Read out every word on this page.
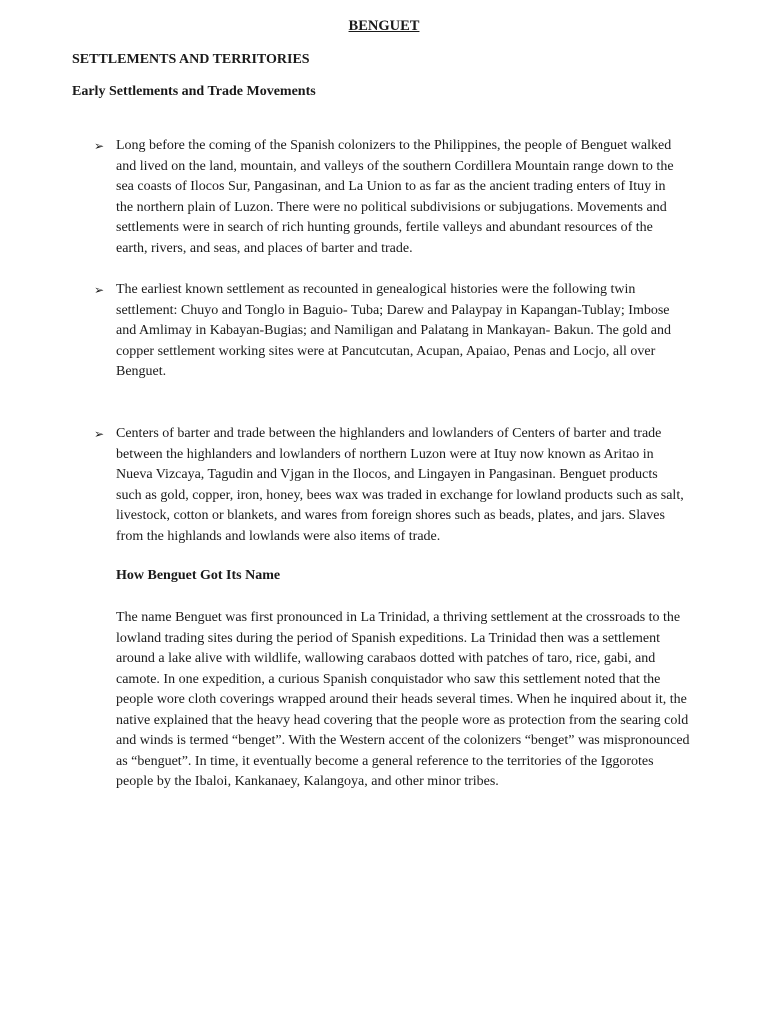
BENGUET
SETTLEMENTS AND TERRITORIES
Early Settlements and Trade Movements
➢ Long before the coming of the Spanish colonizers to the Philippines, the people of Benguet walked and lived on the land, mountain, and valleys of the southern Cordillera Mountain range down to the sea coasts of Ilocos Sur, Pangasinan, and La Union to as far as the ancient trading enters of Ituy in the northern plain of Luzon. There were no political subdivisions or subjugations. Movements and settlements were in search of rich hunting grounds, fertile valleys and abundant resources of the earth, rivers, and seas, and places of barter and trade.
➢ The earliest known settlement as recounted in genealogical histories were the following twin settlement: Chuyo and Tonglo in Baguio- Tuba; Darew and Palaypay in Kapangan-Tublay; Imbose and Amlimay in Kabayan-Bugias; and Namiligan and Palatang in Mankayan- Bakun. The gold and copper settlement working sites were at Pancutcutan, Acupan, Apaiao, Penas and Locjo, all over Benguet.
➢ Centers of barter and trade between the highlanders and lowlanders of Centers of barter and trade between the highlanders and lowlanders of northern Luzon were at Ituy now known as Aritao in Nueva Vizcaya, Tagudin and Vjgan in the Ilocos, and Lingayen in Pangasinan. Benguet products such as gold, copper, iron, honey, bees wax was traded in exchange for lowland products such as salt, livestock, cotton or blankets, and wares from foreign shores such as beads, plates, and jars. Slaves from the highlands and lowlands were also items of trade.
How Benguet Got Its Name
The name Benguet was first pronounced in La Trinidad, a thriving settlement at the crossroads to the lowland trading sites during the period of Spanish expeditions. La Trinidad then was a settlement around a lake alive with wildlife, wallowing carabaos dotted with patches of taro, rice, gabi, and camote. In one expedition, a curious Spanish conquistador who saw this settlement noted that the people wore cloth coverings wrapped around their heads several times. When he inquired about it, the native explained that the heavy head covering that the people wore as protection from the searing cold and winds is termed “benget”. With the Western accent of the colonizers “benget” was mispronounced as “benguet”. In time, it eventually become a general reference to the territories of the Iggorotes people by the Ibaloi, Kankanaey, Kalangoya, and other minor tribes.
